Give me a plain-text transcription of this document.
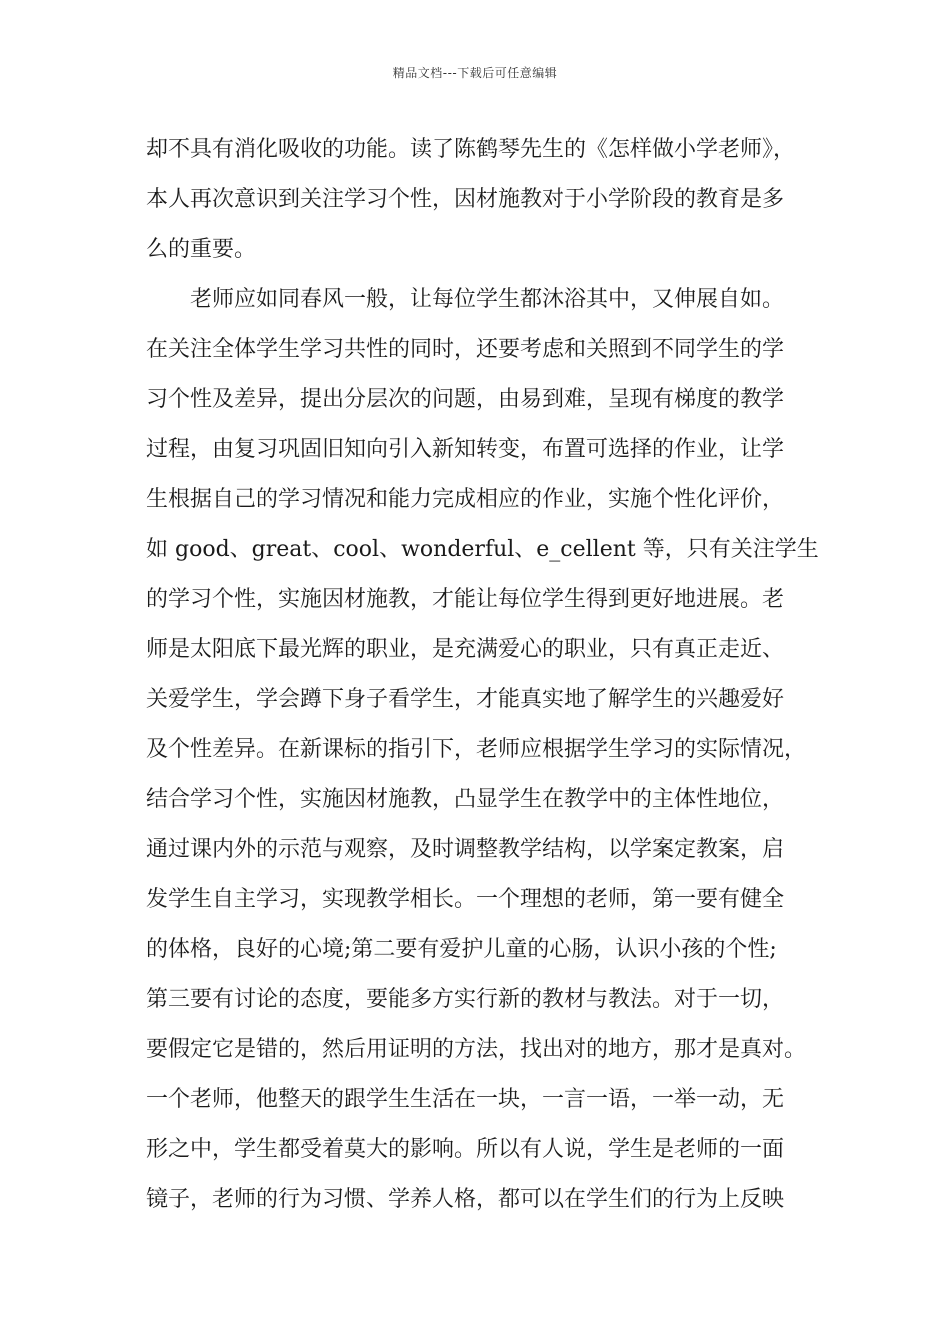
精品文档---下载后可任意编辑
却不具有消化吸收的功能。读了陈鹤琴先生的《怎样做小学老师》，
本人再次意识到关注学习个性，因材施教对于小学阶段的教育是多
么的重要。
老师应如同春风一般，让每位学生都沐浴其中，又伸展自如。
在关注全体学生学习共性的同时，还要考虑和关照到不同学生的学
习个性及差异，提出分层次的问题，由易到难，呈现有梯度的教学
过程，由复习巩固旧知向引入新知转变，布置可选择的作业，让学
生根据自己的学习情况和能力完成相应的作业，实施个性化评价，
如 good、great、cool、wonderful、e_cellent 等，只有关注学生
的学习个性，实施因材施教，才能让每位学生得到更好地进展。老
师是太阳底下最光辉的职业，是充满爱心的职业，只有真正走近、
关爱学生，学会蹲下身子看学生，才能真实地了解学生的兴趣爱好
及个性差异。在新课标的指引下，老师应根据学生学习的实际情况，
结合学习个性，实施因材施教，凸显学生在教学中的主体性地位，
通过课内外的示范与观察，及时调整教学结构，以学案定教案，启
发学生自主学习，实现教学相长。一个理想的老师，第一要有健全
的体格，良好的心境;第二要有爱护儿童的心肠，认识小孩的个性;
第三要有讨论的态度，要能多方实行新的教材与教法。对于一切，
要假定它是错的，然后用证明的方法，找出对的地方，那才是真对。
一个老师，他整天的跟学生生活在一块，一言一语，一举一动，无
形之中，学生都受着莫大的影响。所以有人说，学生是老师的一面
镜子，老师的行为习惯、学养人格，都可以在学生们的行为上反映
